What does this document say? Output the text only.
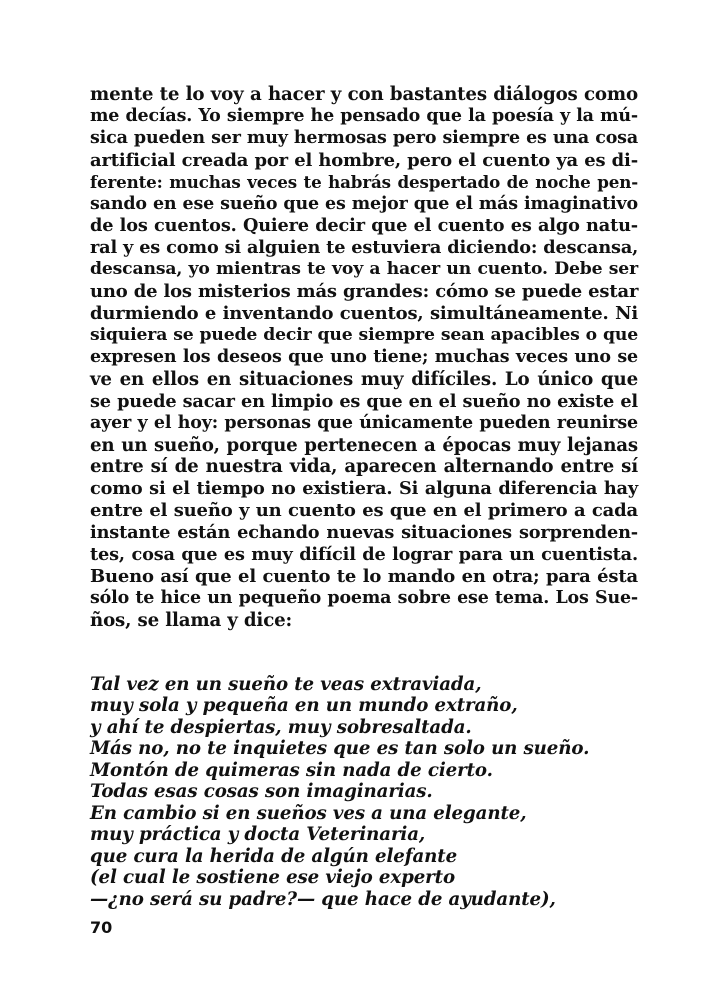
mente te lo voy a hacer y con bastantes diálogos como
me decías. Yo siempre he pensado que la poesía y la mú-
sica pueden ser muy hermosas pero siempre es una cosa
artificial creada por el hombre, pero el cuento ya es di-
ferente: muchas veces te habrás despertado de noche pen-
sando en ese sueño que es mejor que el más imaginativo
de los cuentos. Quiere decir que el cuento es algo natu-
ral y es como si alguien te estuviera diciendo: descansa,
descansa, yo mientras te voy a hacer un cuento. Debe ser
uno de los misterios más grandes: cómo se puede estar
durmiendo e inventando cuentos, simultáneamente. Ni
siquiera se puede decir que siempre sean apacibles o que
expresen los deseos que uno tiene; muchas veces uno se
ve en ellos en situaciones muy difíciles. Lo único que
se puede sacar en limpio es que en el sueño no existe el
ayer y el hoy: personas que únicamente pueden reunirse
en un sueño, porque pertenecen a épocas muy lejanas
entre sí de nuestra vida, aparecen alternando entre sí
como si el tiempo no existiera. Si alguna diferencia hay
entre el sueño y un cuento es que en el primero a cada
instante están echando nuevas situaciones sorprenden-
tes, cosa que es muy difícil de lograr para un cuentista.
Bueno así que el cuento te lo mando en otra; para ésta
sólo te hice un pequeño poema sobre ese tema. Los Sue-
ños, se llama y dice:
Tal vez en un sueño te veas extraviada,
muy sola y pequeña en un mundo extraño,
y ahí te despiertas, muy sobresaltada.
Más no, no te inquietes que es tan solo un sueño.
Montón de quimeras sin nada de cierto.
Todas esas cosas son imaginarias.
En cambio si en sueños ves a una elegante,
muy práctica y docta Veterinaria,
que cura la herida de algún elefante
(el cual le sostiene ese viejo experto
—¿no será su padre?— que hace de ayudante),
70
